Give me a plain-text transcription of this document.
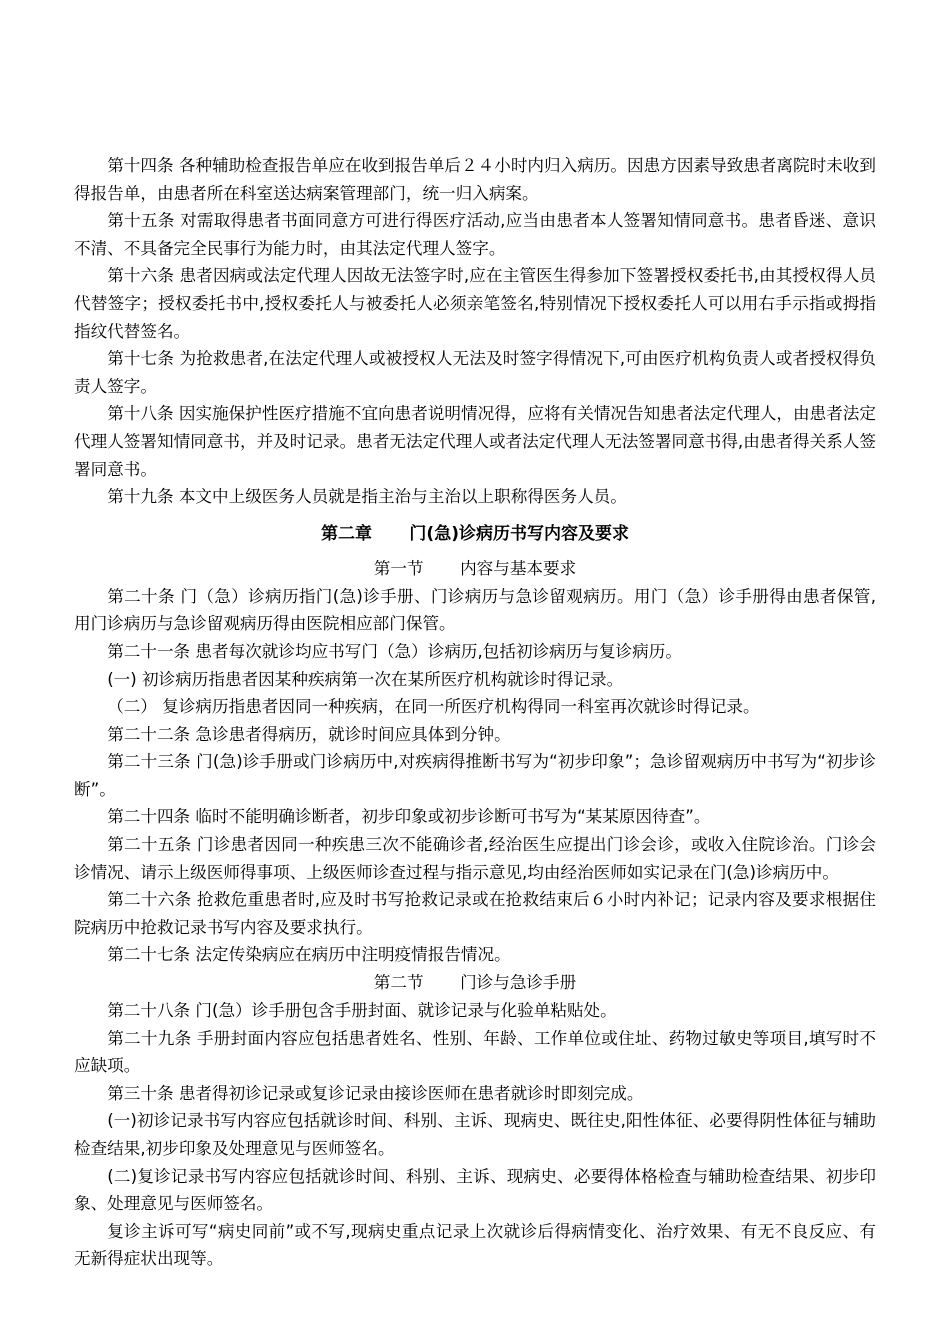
第十四条 各种辅助检查报告单应在收到报告单后２４小时内归入病历。因患方因素导致患者离院时未收到得报告单，由患者所在科室送达病案管理部门，统一归入病案。

第十五条 对需取得患者书面同意方可进行得医疗活动,应当由患者本人签署知情同意书。患者昏迷、意识不清、不具备完全民事行为能力时，由其法定代理人签字。

第十六条 患者因病或法定代理人因故无法签字时,应在主管医生得参加下签署授权委托书,由其授权得人员代替签字；授权委托书中,授权委托人与被委托人必须亲笔签名,特别情况下授权委托人可以用右手示指或拇指指纹代替签名。

第十七条 为抢救患者,在法定代理人或被授权人无法及时签字得情况下,可由医疗机构负责人或者授权得负责人签字。

第十八条 因实施保护性医疗措施不宜向患者说明情况得，应将有关情况告知患者法定代理人，由患者法定代理人签署知情同意书，并及时记录。患者无法定代理人或者法定代理人无法签署同意书得,由患者得关系人签署同意书。

第十九条 本文中上级医务人员就是指主治与主治以上职称得医务人员。

第二章 门(急)诊病历书写内容及要求
第一节 内容与基本要求

第二十条 门（急）诊病历指门(急)诊手册、门诊病历与急诊留观病历。用门（急）诊手册得由患者保管,用门诊病历与急诊留观病历得由医院相应部门保管。

第二十一条 患者每次就诊均应书写门（急）诊病历,包括初诊病历与复诊病历。

(一) 初诊病历指患者因某种疾病第一次在某所医疗机构就诊时得记录。

（二） 复诊病历指患者因同一种疾病，在同一所医疗机构得同一科室再次就诊时得记录。

第二十二条 急诊患者得病历，就诊时间应具体到分钟。

第二十三条 门(急)诊手册或门诊病历中,对疾病得推断书写为“初步印象”；急诊留观病历中书写为“初步诊断”。

第二十四条 临时不能明确诊断者，初步印象或初步诊断可书写为“某某原因待查”。

第二十五条 门诊患者因同一种疾患三次不能确诊者,经治医生应提出门诊会诊，或收入住院诊治。门诊会诊情况、请示上级医师得事项、上级医师诊查过程与指示意见,均由经治医师如实记录在门(急)诊病历中。

第二十六条 抢救危重患者时,应及时书写抢救记录或在抢救结束后６小时内补记；记录内容及要求根据住院病历中抢救记录书写内容及要求执行。

第二十七条 法定传染病应在病历中注明疫情报告情况。

第二节 门诊与急诊手册

第二十八条 门(急）诊手册包含手册封面、就诊记录与化验单粘贴处。

第二十九条 手册封面内容应包括患者姓名、性别、年龄、工作单位或住址、药物过敏史等项目,填写时不应缺项。

第三十条 患者得初诊记录或复诊记录由接诊医师在患者就诊时即刻完成。

(一)初诊记录书写内容应包括就诊时间、科别、主诉、现病史、既往史,阳性体征、必要得阴性体征与辅助检查结果,初步印象及处理意见与医师签名。

(二)复诊记录书写内容应包括就诊时间、科别、主诉、现病史、必要得体格检查与辅助检查结果、初步印象、处理意见与医师签名。

复诊主诉可写“病史同前”或不写,现病史重点记录上次就诊后得病情变化、治疗效果、有无不良反应、有无新得症状出现等。
